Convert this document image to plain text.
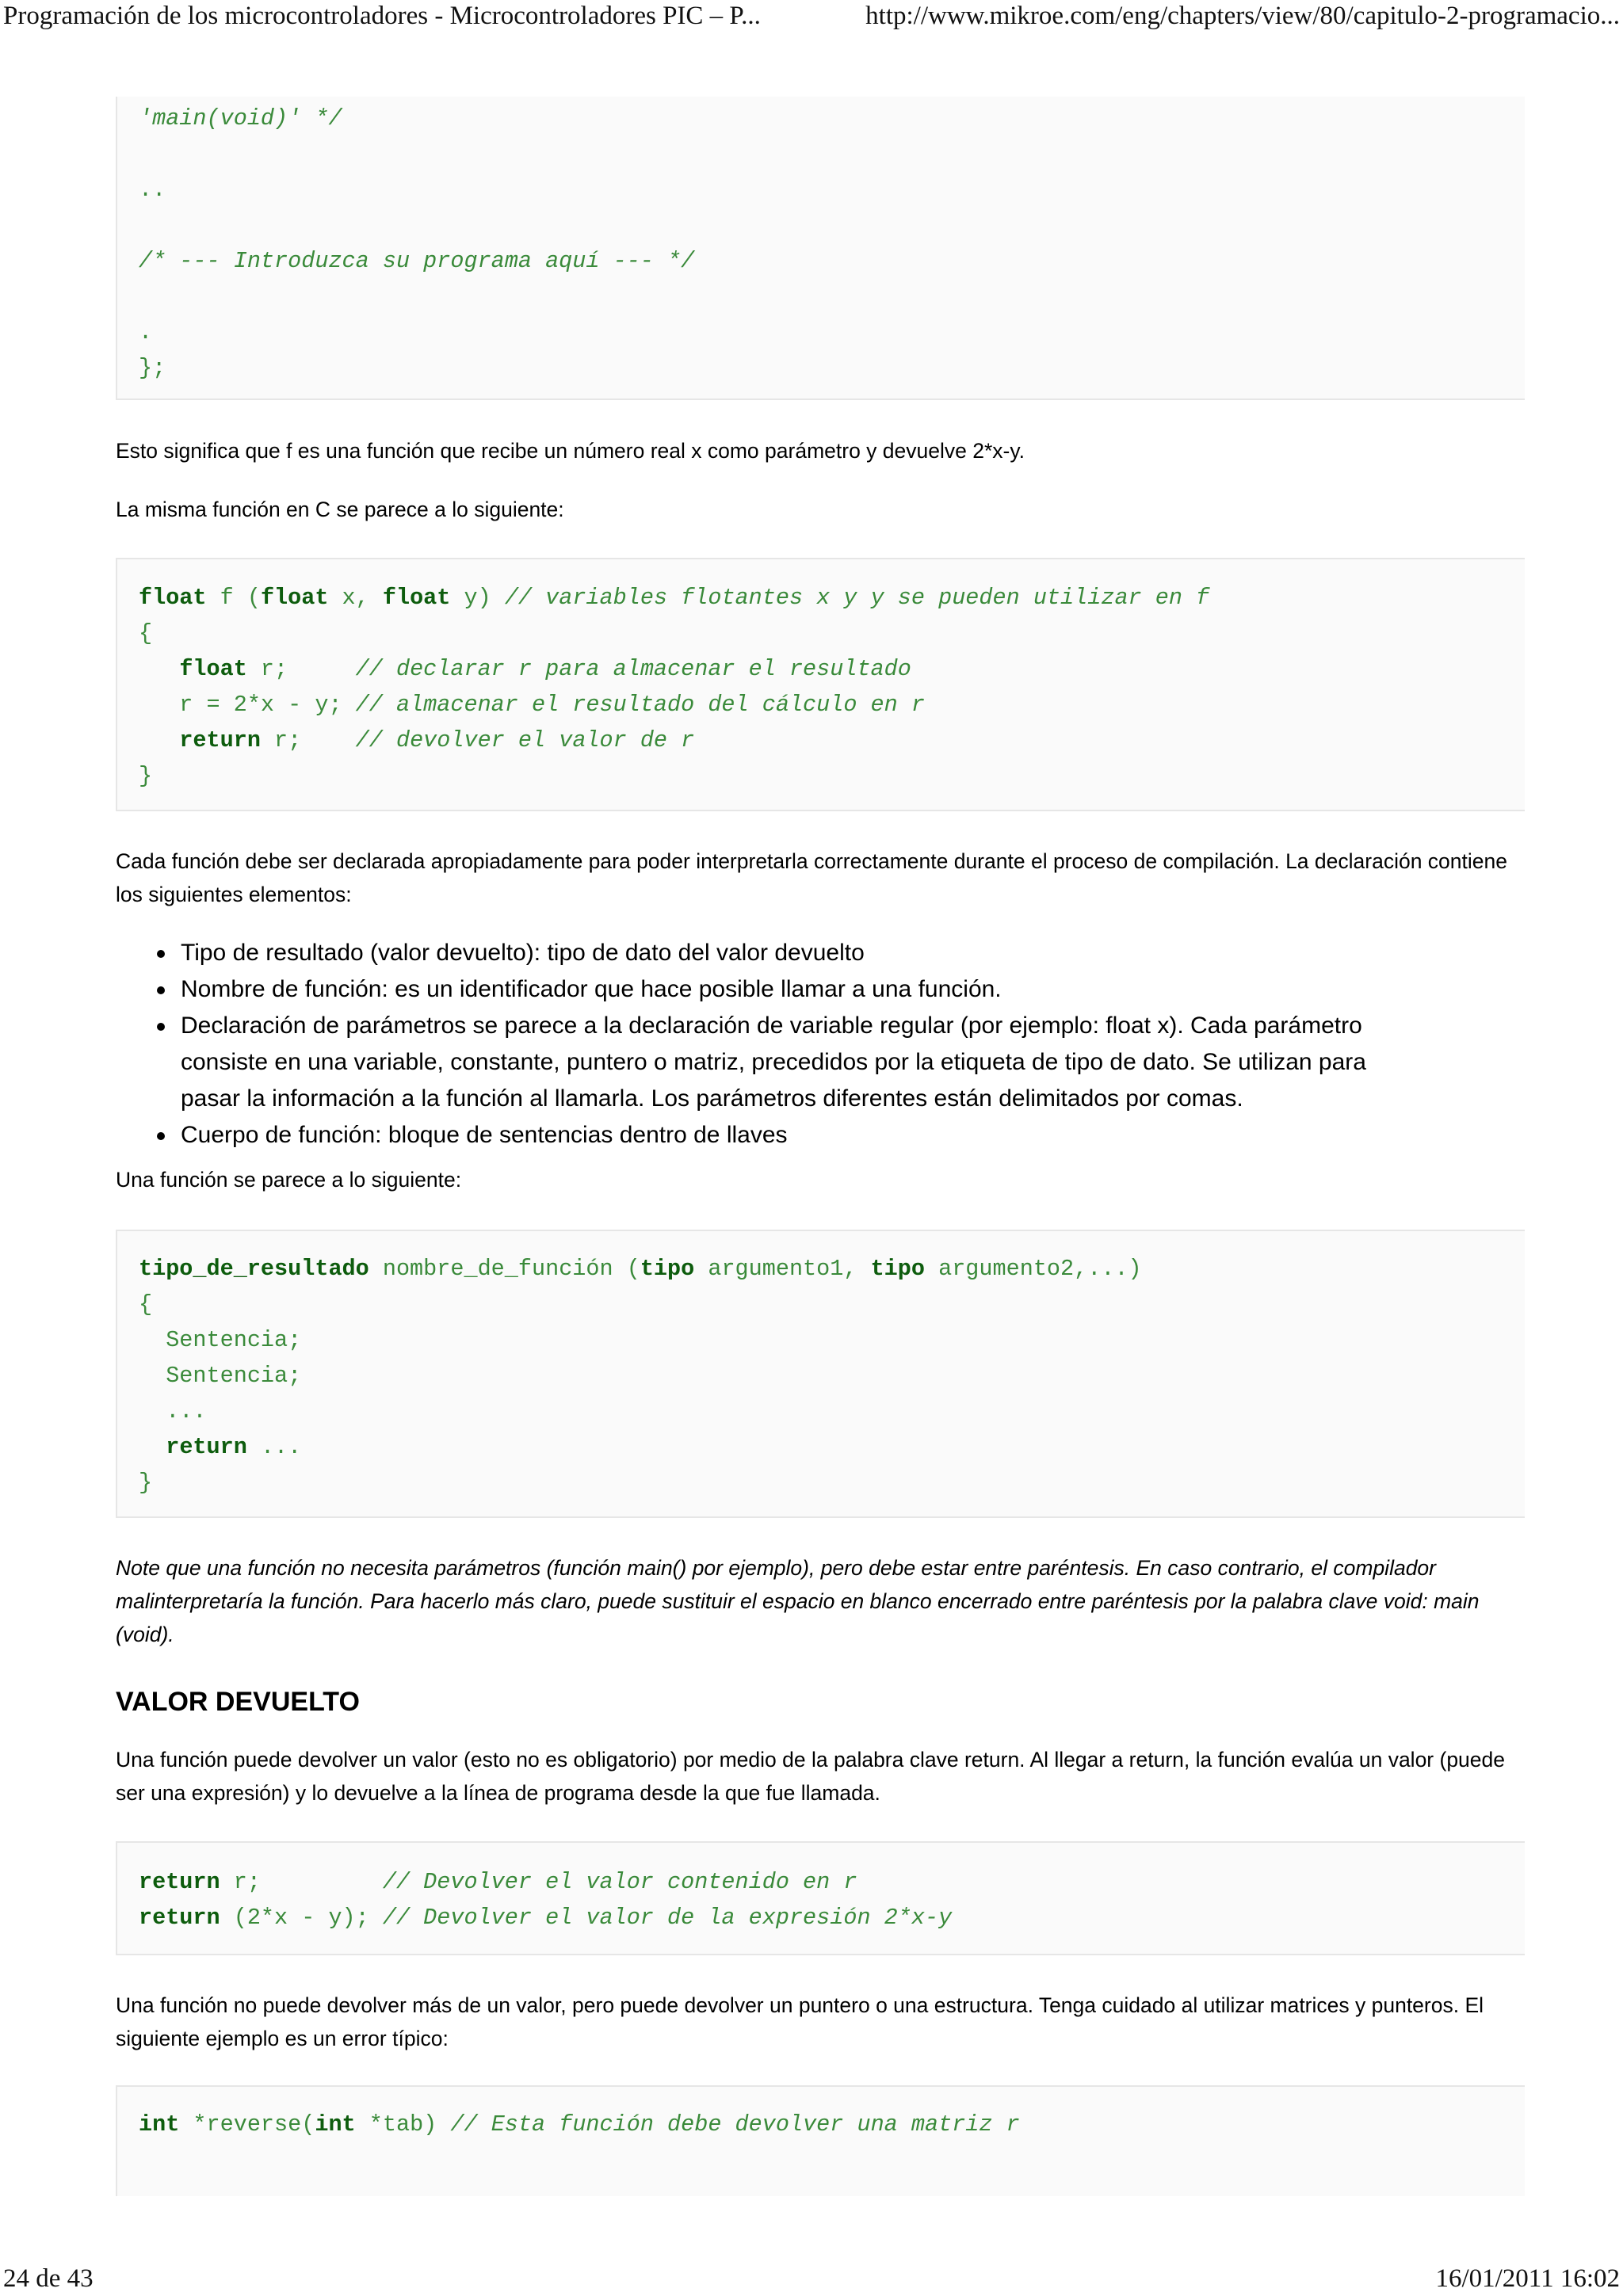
Programación de los microcontroladores - Microcontroladores PIC – P...	http://www.mikroe.com/eng/chapters/view/80/capitulo-2-programacio...
'main(void)' */
..
/* --- Introduzca su programa aquí --- */
.
};
Esto significa que f es una función que recibe un número real x como parámetro y devuelve 2*x-y.
La misma función en C se parece a lo siguiente:
float f (float x, float y) // variables flotantes x y y se pueden utilizar en f
{
float r;     // declarar r para almacenar el resultado
r = 2*x - y; // almacenar el resultado del cálculo en r
return r;    // devolver el valor de r
}
Cada función debe ser declarada apropiadamente para poder interpretarla correctamente durante el proceso de compilación. La declaración contiene los siguientes elementos:
Tipo de resultado (valor devuelto): tipo de dato del valor devuelto
Nombre de función: es un identificador que hace posible llamar a una función.
Declaración de parámetros se parece a la declaración de variable regular (por ejemplo: float x). Cada parámetro consiste en una variable, constante, puntero o matriz, precedidos por la etiqueta de tipo de dato. Se utilizan para pasar la información a la función al llamarla. Los parámetros diferentes están delimitados por comas.
Cuerpo de función: bloque de sentencias dentro de llaves
Una función se parece a lo siguiente:
tipo_de_resultado nombre_de_función (tipo argumento1, tipo argumento2,...)
{
Sentencia;
Sentencia;
...
return ...
}
Note que una función no necesita parámetros (función main() por ejemplo), pero debe estar entre paréntesis. En caso contrario, el compilador malinterpretaría la función. Para hacerlo más claro, puede sustituir el espacio en blanco encerrado entre paréntesis por la palabra clave void: main (void).
VALOR DEVUELTO
Una función puede devolver un valor (esto no es obligatorio) por medio de la palabra clave return. Al llegar a return, la función evalúa un valor (puede ser una expresión) y lo devuelve a la línea de programa desde la que fue llamada.
return r;         // Devolver el valor contenido en r
return (2*x - y); // Devolver el valor de la expresión 2*x-y
Una función no puede devolver más de un valor, pero puede devolver un puntero o una estructura. Tenga cuidado al utilizar matrices y punteros. El siguiente ejemplo es un error típico:
int *reverse(int *tab) // Esta función debe devolver una matriz r
24 de 43	16/01/2011 16:02
